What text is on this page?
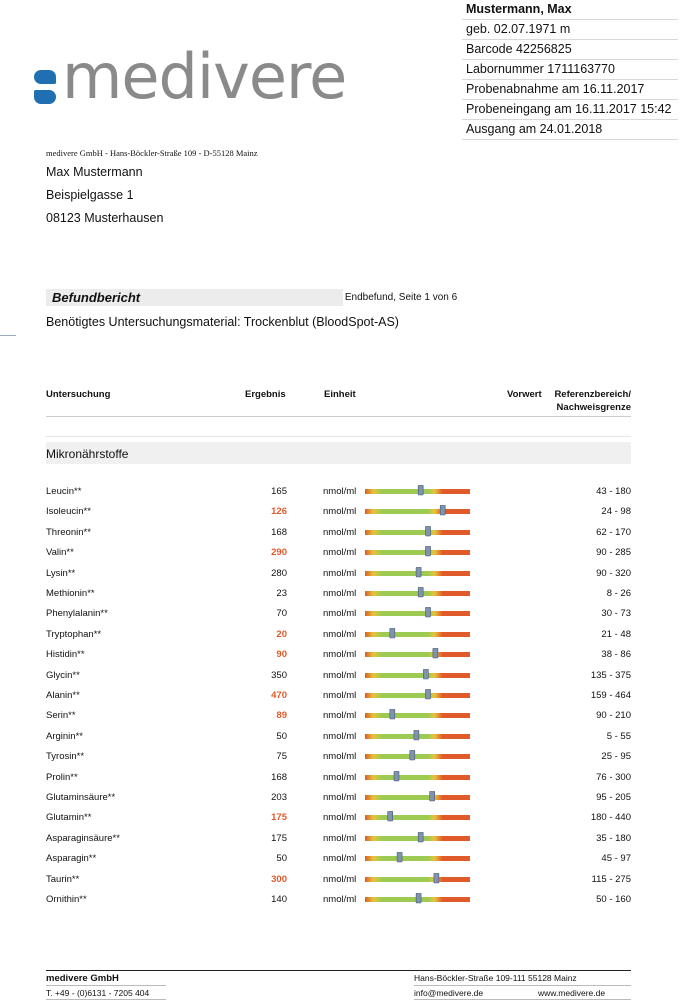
Mustermann, Max
geb. 02.07.1971 m
Barcode 42256825
Labornummer 1711163770
Probenabnahme am 16.11.2017
Probeneingang am 16.11.2017 15:42
Ausgang am 24.01.2018
medivere
medivere GmbH - Hans-Böckler-Straße 109 - D-55128 Mainz
Max Mustermann
Beispielgasse 1
08123 Musterhausen
Befundbericht	Endbefund, Seite 1 von 6
Benötigtes Untersuchungsmaterial: Trockenblut (BloodSpot-AS)
Untersuchung	Ergebnis	Einheit	Vorwert	Referenzbereich/
Nachweisgrenze
Mikronährstoffe
Leucin**	165	nmol/ml	43 - 180
Isoleucin**	126	nmol/ml	24 - 98
Threonin**	168	nmol/ml	62 - 170
Valin**	290	nmol/ml	90 - 285
Lysin**	280	nmol/ml	90 - 320
Methionin**	23	nmol/ml	8 - 26
Phenylalanin**	70	nmol/ml	30 - 73
Tryptophan**	20	nmol/ml	21 - 48
Histidin**	90	nmol/ml	38 - 86
Glycin**	350	nmol/ml	135 - 375
Alanin**	470	nmol/ml	159 - 464
Serin**	89	nmol/ml	90 - 210
Arginin**	50	nmol/ml	5 - 55
Tyrosin**	75	nmol/ml	25 - 95
Prolin**	168	nmol/ml	76 - 300
Glutaminsäure**	203	nmol/ml	95 - 205
Glutamin**	175	nmol/ml	180 - 440
Asparaginsäure**	175	nmol/ml	35 - 180
Asparagin**	50	nmol/ml	45 - 97
Taurin**	300	nmol/ml	115 - 275
Ornithin**	140	nmol/ml	50 - 160
medivere GmbH	Hans-Böckler-Straße 109-111 55128 Mainz
T. +49 - (0)6131 - 7205 404	info@medivere.de	www.medivere.de
